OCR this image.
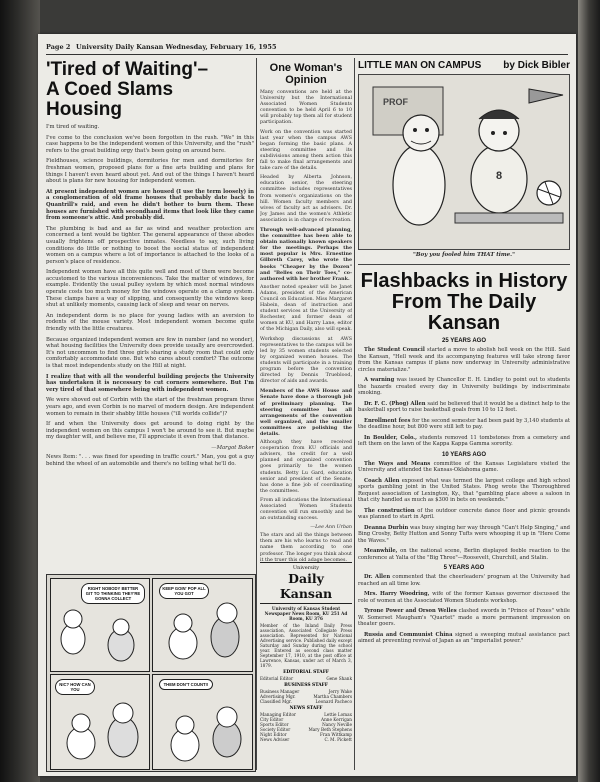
Page 2 University Daily Kansan Wednesday, February 16, 1955
'Tired of Waiting'–
A Coed Slams Housing

I'm tired of waiting.

I've come to the conclusion we've been forgotten in the rush. "We" in this case happens to be the independent women of this University, and the "rush" refers to the great building orgy that's been going on around here.

Fieldhouses, science buildings, dormitories for men and dormitories for freshman women, proposed plans for a fine arts building and plans for things I haven't even heard about yet. And out of the things I haven't heard about is plans for new housing for independent women.

At present independent women are housed (I use the term loosely) in a conglomeration of old frame houses that probably date back to Quantrill's raid, and even he didn't bother to burn them. These houses are furnished with secondhand items that look like they came from someone's attic. And probably did.

The plumbing is bad and as far as wind and weather protection are concerned a tent would be tighter. The general appearance of these abodes usually frightens off prospective inmates. Needless to say, such living conditions do little or nothing to boost the social status of independent women on a campus where a lot of importance is attached to the looks of a person's place of residence.

Independent women have all this quite well and most of them were become accustomed to the various inconveniences. Take the matter of windows, for example. Evidently the usual pulley system by which most normal windows operate costs too much money for the windows operate on a clamp system. These clamps have a way of slipping, and consequently the windows keep shut at unlikely moments, causing lack of sleep and wear on nerves.

An independent dorm is no place for young ladies with an aversion to rodents of the mouse variety. Most independent women become quite friendly with the little creatures.

Because organized independent women are few in number (and no wonder), what housing facilities the University does provide usually are overcrowded. It's not uncommon to find three girls sharing a study room that could only comfortably accommodate one. But who cares about comfort? The outcome is that most independents study on the Hill at night.

I realize that with all the wonderful building projects the University has undertaken it is necessary to cut corners somewhere. But I'm very tired of that somewhere being with independent women.

We were shoved out of Corbin with the start of the freshman program three years ago, and even Corbin is no marvel of modern design. Are independent women to remain in their shabby little houses ("ill worlds collide")?

If and when the University does get around to doing right by the independent women on this campus I won't be around to see it. But maybe my daughter will, and believe me, I'll appreciate it even from that distance.

—Margot Baker

News Item: ". . . was fined for speeding in traffic court." Man, you got a guy behind the wheel of an automobile and there's no telling what he'll do.

One Woman's
Opinion

Many conventions are held at the University but the International Associated Women Students convention to be held April 6 to 10 will probably top them all for student participation.

Work on the convention was started last year when the campus AWS began forming the basic plans. A steering committee and its subdivisions among them action this fall to make final arrangements and take care of the details.

Headed by Alberta Johnson, education senior, the steering committee includes representatives from women's organizations on the hill. Women faculty members and wives of faculty act as advisers. Dr. Joy James and the women's Athletic association is in charge of recreation.

Through well-advanced planning, the committee has been able to obtain nationally known speakers for the meetings. Perhaps the most popular is Mrs. Ernestine Gilbreth Carey, who wrote the books "Cheaper by the Dozen" and "Belles on Their Toes," co-authored with her brother Frank.

Another noted speaker will be Janet Adams, president of the American Council on Education. Miss Margaret Habein, dean of instruction and student services at the University of Rochester, and former dean of women at KU, and Harry Lane, editor of the Michigan Daily, also will speak.

Workshop discussions at AWS representatives to the campus will be led by 35 women students selected by organized women houses. The students will participate in a training program before the convention directed by Dennis Trueblood, director of aids and awards.

Members of the AWS House and Senate have done a thorough job of preliminary planning. The steering committee has all arrangements of the convention well organized, and the smaller committees are polishing the details.

Although they have received cooperation from KU officials and advisers, the credit for a well planned and organized convention goes primarily to the women students. Betty Lu Gard, education senior and president of the Senate, has done a fine job of coordinating the committees.

From all indications the International Associated Women Students convention will run smoothly and be an outstanding success.

—Lee Ann Urban

The stars and all the things between them are his who learns to read and name them according to one professor. The longer you think about it the truer this old adage becomes.

University
Daily Kansan

University of Kansas Student Newspaper News Room, KU 251 Ad Room, KU 376

Member of the Inland Daily Press association, Associated Collegiate Press association. Represented for National Advertising service. Published daily except Saturday and Sunday during the school year. Entered as second class matter September 17, 1910, at the post office at Lawrence, Kansas, under act of March 3, 1879.

EDITORIAL STAFF
Editorial Editor	Gene Shank
BUSINESS STAFF
Business Manager	Jerry Wake
Advertising Mgr.	Martha Chambers
Classified Mgr.	Leonard Pacheco
NEWS STAFF
Managing Editor	Lettie Lomax
City Editor	Anne Kerrigan
Sports Editor	Nancy Neville
Society Editor	Mary Beth Stephens
Night Editor	Fran Wittkamp
News Adviser	C. M. Pickett
RIGHT NOBODY BETTER GIT TO THINKING THEY'RE GONNA COLLECT
KEEP GOIN' POP ALL YOU GOT
NIC? HOW CAN YOU
THEM DON'T COUNT!!
LITTLE MAN ON CAMPUS by Dick Bibler
8
PROF
"Boy you fooled him THAT time."
Flashbacks in History
From The Daily Kansan
25 YEARS AGO

The Student Council started a move to abolish hell week on the Hill. Said the Kansan, "Hell week and its accompanying features will take strong favor from the Kansas campus if plans now underway in University administrative circles materialize."

A warning was issued by Chancellor E. H. Lindley to point out to students the hazards created every day in University buildings by indiscriminate smoking.

Dr. F. C. (Phog) Allen said he believed that it would be a distinct help to the basketball sport to raise basketball goals from 10 to 12 feet.

Enrollment fees for the second semester had been paid by 3,140 students at the deadline hour, but 800 were still left to pay.

In Boulder, Colo., students removed 11 tombstones from a cemetery and left them on the lawn of the Kappa Kappa Gamma sorority.

10 YEARS AGO

The Ways and Means committee of the Kansas Legislature visited the University and attended the Kansas-Oklahoma game.

Coach Allen exposed what was termed the largest college and high school sports gambling joint in the United States. Phog wrote the Thoroughbred Request association of Lexington, Ky., that "gambling place above a saloon in that city handled as much as $300 in bets on weekends."

The construction of the outdoor concrete dance floor and picnic grounds was planned to start in April.

Deanna Durbin was busy singing her way through "Can't Help Singing," and Bing Crosby, Betty Hutton and Sonny Tufts were whooping it up in "Here Come the Waves."

Meanwhile, on the national scene, Berlin displayed feeble reaction to the conference at Yalta of the "Big Three"—Roosevelt, Churchill, and Stalin.

5 YEARS AGO

Dr. Allen commented that the cheerleaders' program at the University had reached an all time low.

Mrs. Harry Woodring, wife of the former Kansas governor discussed the role of women at the Associated Women Students workshop.

Tyrone Power and Orson Welles clashed swords in "Prince of Foxes" while W. Somerset Maugham's "Quartet" made a more permanent impression on theater goers.

Russia and Communist China signed a sweeping mutual assistance pact aimed at preventing revival of Japan as an "imperialist power."
